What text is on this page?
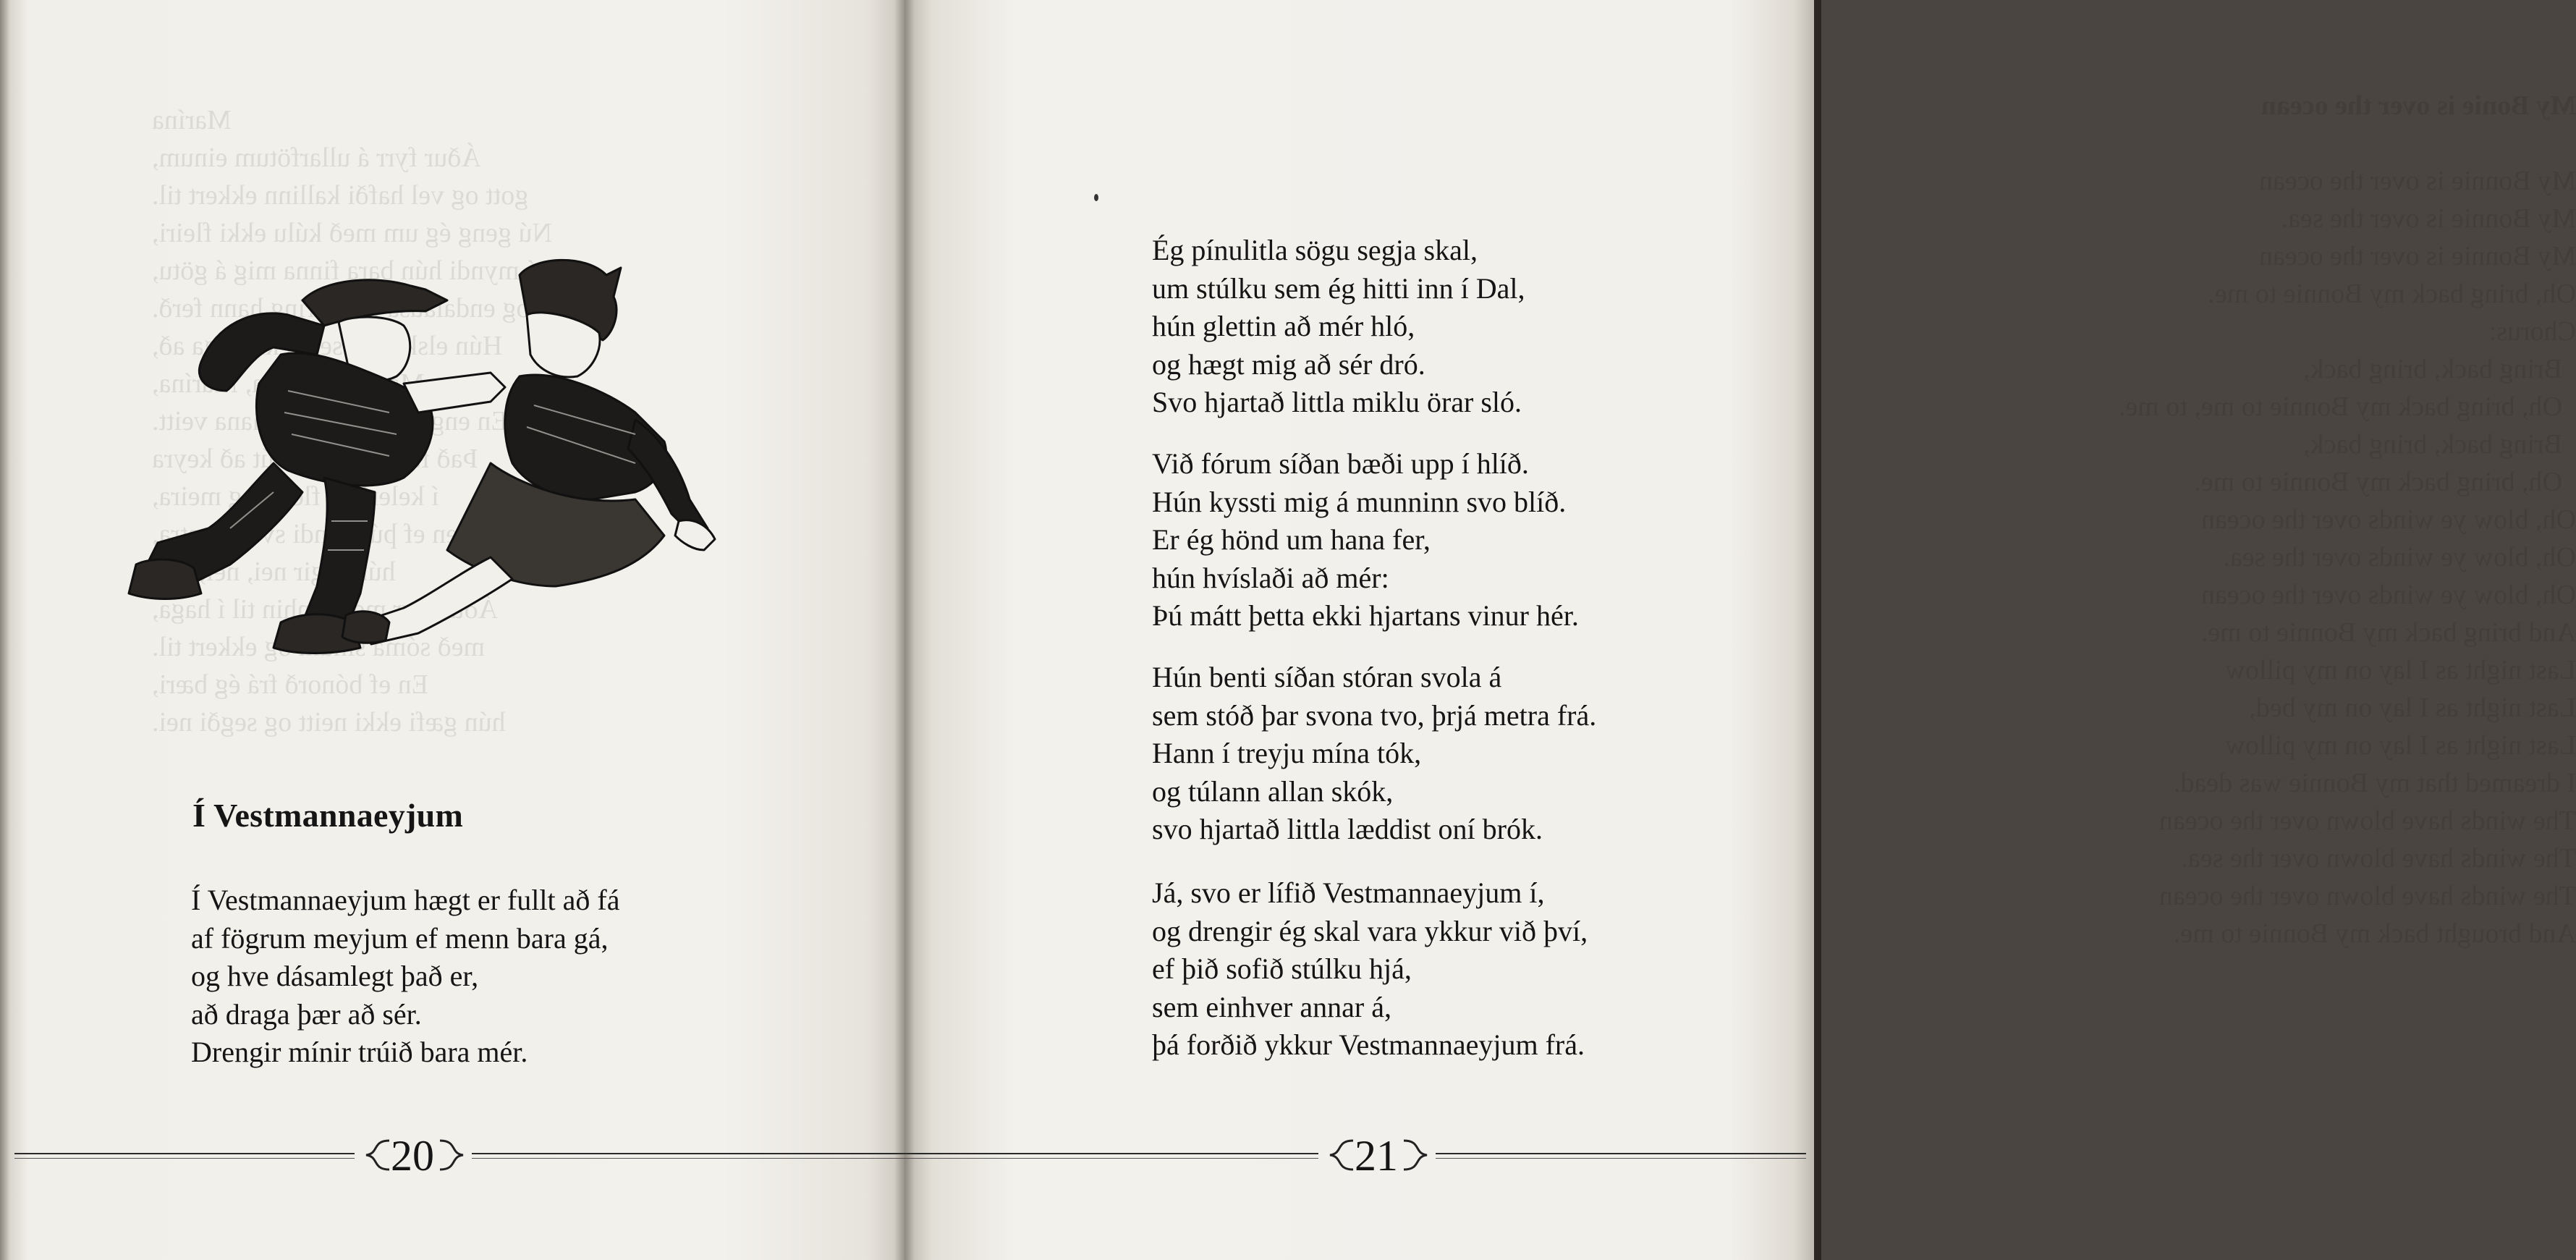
Marína
Áður fyrr á ullarfötum einum,
gott og vel hafði kallinn ekkert til.
Nú geng ég um með kúlu ekki fleiri,
þá myndi hún bara finna mig á götu,
og endalausa hring hann ferð.
Hún elskar þá sem ekki eiga að,
Marína,
En hana veitt.
Það út að keyra
í kelerí meira,
en ef þú myndi svo á metra,
hún segir nei, nei, nei.
Áður með lónhin til í haga,
með sóma ekkert til.
En ef bónorð frá ég bæri,
hún gæfi ekki neitt og segði nei.
Í Vestmannaeyjum
Í Vestmannaeyjum hægt er fullt að fá
af fögrum meyjum ef menn bara gá,
og hve dásamlegt það er,
að draga þær að sér.
Drengir mínir trúið bara mér.
20
My Bonie is over the ocean

My Bonnie is over the ocean
My Bonnie is over the sea.
My Bonnie is over the ocean
Oh, bring back my Bonnie to me.
Chorus:
Bring back, bring back,
Oh, bring back my Bonnie to me, to me.
Bring back, bring back,
Oh, bring back my Bonnie to me.
Oh, blow ye winds over the ocean
Oh, blow ye winds over the sea.
Oh, blow ye winds over the ocean
And bring back my Bonnie to me.
Last night as I lay on my pillow
Last night as I lay on my bed,
Last night as I lay on my pillow
I dreamed that my Bonnie was dead.
The winds have blown over the ocean
The winds have blown over the sea.
The winds have blown over the ocean
And brought back my Bonnie to me.
Ég pínulitla sögu segja skal,
um stúlku sem ég hitti inn í Dal,
hún glettin að mér hló,
og hægt mig að sér dró.
Svo hjartað littla miklu örar sló.
Við fórum síðan bæði upp í hlíð.
Hún kyssti mig á munninn svo blíð.
Er ég hönd um hana fer,
hún hvíslaði að mér:
Þú mátt þetta ekki hjartans vinur hér.
Hún benti síðan stóran svola á
sem stóð þar svona tvo, þrjá metra frá.
Hann í treyju mína tók,
og túlann allan skók,
svo hjartað littla læddist oní brók.
Já, svo er lífið Vestmannaeyjum í,
og drengir ég skal vara ykkur við því,
ef þið sofið stúlku hjá,
sem einhver annar á,
þá forðið ykkur Vestmannaeyjum frá.
21
